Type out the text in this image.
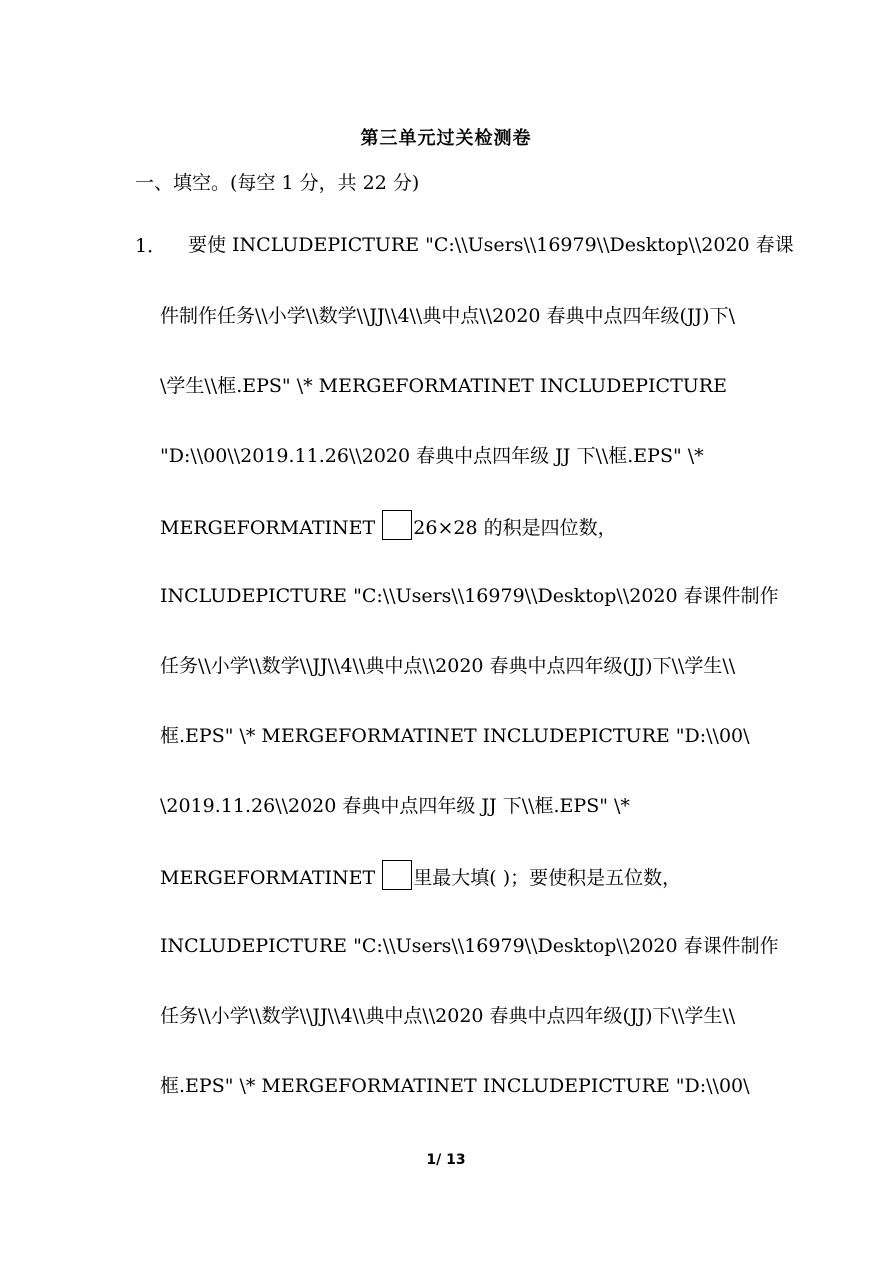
第三单元过关检测卷
一、填空。(每空 1 分，共 22 分)
1． 要使 INCLUDEPICTURE "C:\\Users\\16979\\Desktop\\2020 春课
件制作任务\\小学\\数学\\JJ\\4\\典中点\\2020 春典中点四年级(JJ)下\
\学生\\框.EPS" \* MERGEFORMATINET INCLUDEPICTURE
"D:\\00\\2019.11.26\\2020 春典中点四年级 JJ 下\\框.EPS" \*
MERGEFORMATINET 26×28 的积是四位数，
INCLUDEPICTURE "C:\\Users\\16979\\Desktop\\2020 春课件制作
任务\\小学\\数学\\JJ\\4\\典中点\\2020 春典中点四年级(JJ)下\\学生\\
框.EPS" \* MERGEFORMATINET INCLUDEPICTURE "D:\\00\
\2019.11.26\\2020 春典中点四年级 JJ 下\\框.EPS" \*
MERGEFORMATINET 里最大填( )；要使积是五位数，
INCLUDEPICTURE "C:\\Users\\16979\\Desktop\\2020 春课件制作
任务\\小学\\数学\\JJ\\4\\典中点\\2020 春典中点四年级(JJ)下\\学生\\
框.EPS" \* MERGEFORMATINET INCLUDEPICTURE "D:\\00\
1/ 13
